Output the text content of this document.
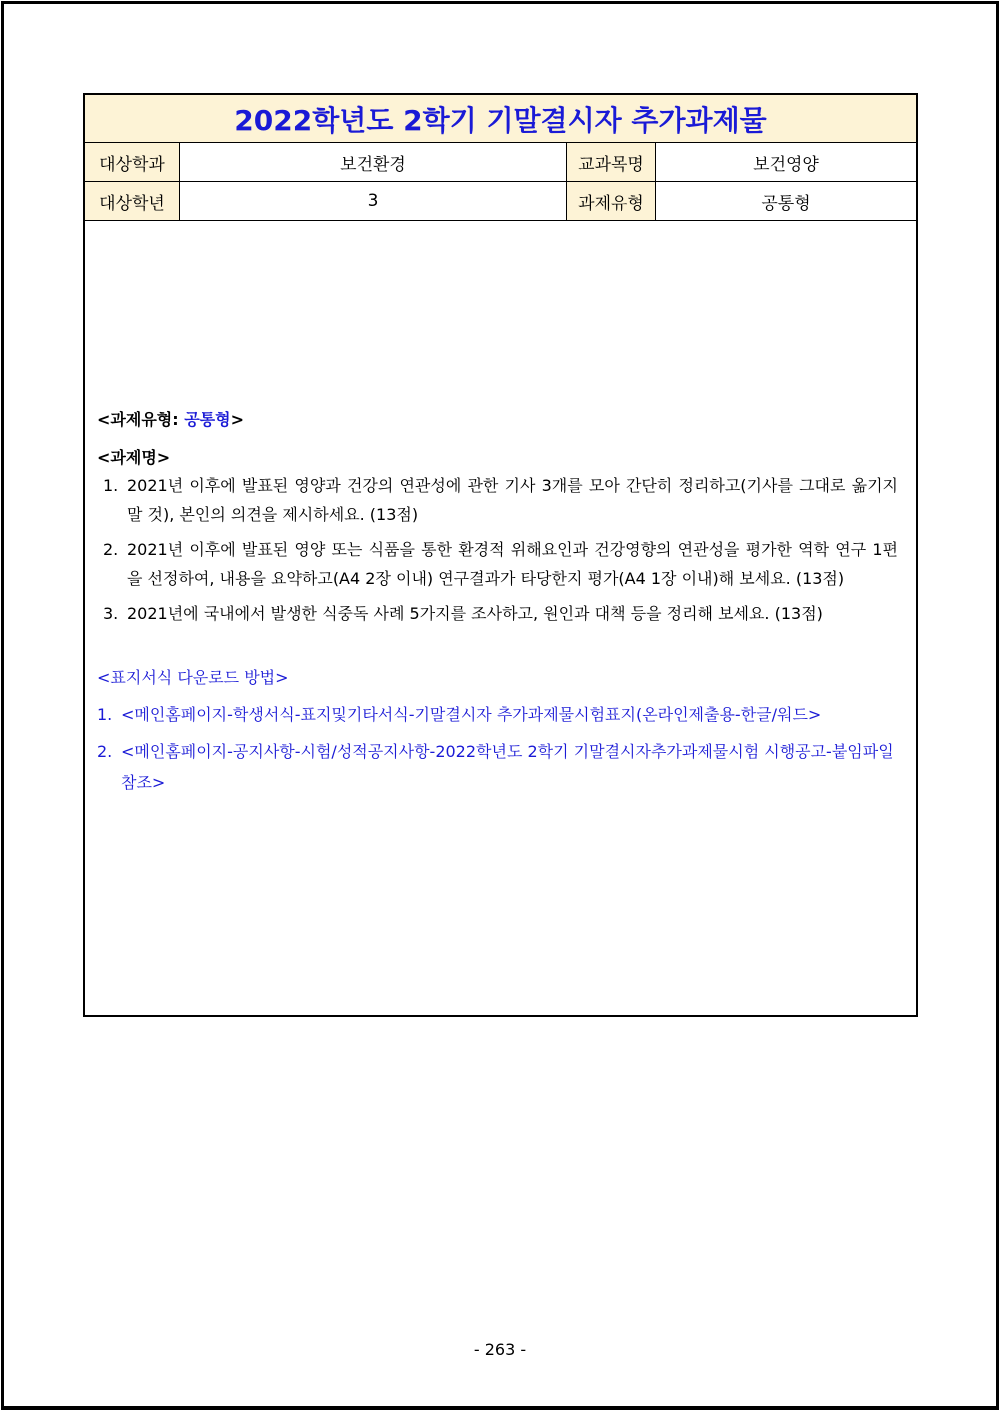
2022학년도 2학기 기말결시자 추가과제물
대상학과	보건환경	교과목명	보건영양
대상학년	3	과제유형	공통형
<과제유형: 공통형>
<과제명>
1. 2021년 이후에 발표된 영양과 건강의 연관성에 관한 기사 3개를 모아 간단히 정리하고(기사를 그대로 옮기지 말 것), 본인의 의견을 제시하세요. (13점)
2. 2021년 이후에 발표된 영양 또는 식품을 통한 환경적 위해요인과 건강영향의 연관성을 평가한 역학 연구 1편을 선정하여, 내용을 요약하고(A4 2장 이내) 연구결과가 타당한지 평가(A4 1장 이내)해 보세요. (13점)
3. 2021년에 국내에서 발생한 식중독 사례 5가지를 조사하고, 원인과 대책 등을 정리해 보세요. (13점)
<표지서식 다운로드 방법>
1. <메인홈페이지-학생서식-표지및기타서식-기말결시자 추가과제물시험표지(온라인제출용-한글/워드>
2. <메인홈페이지-공지사항-시험/성적공지사항-2022학년도 2학기 기말결시자추가과제물시험 시행공고-붙임파일 참조>
- 263 -
